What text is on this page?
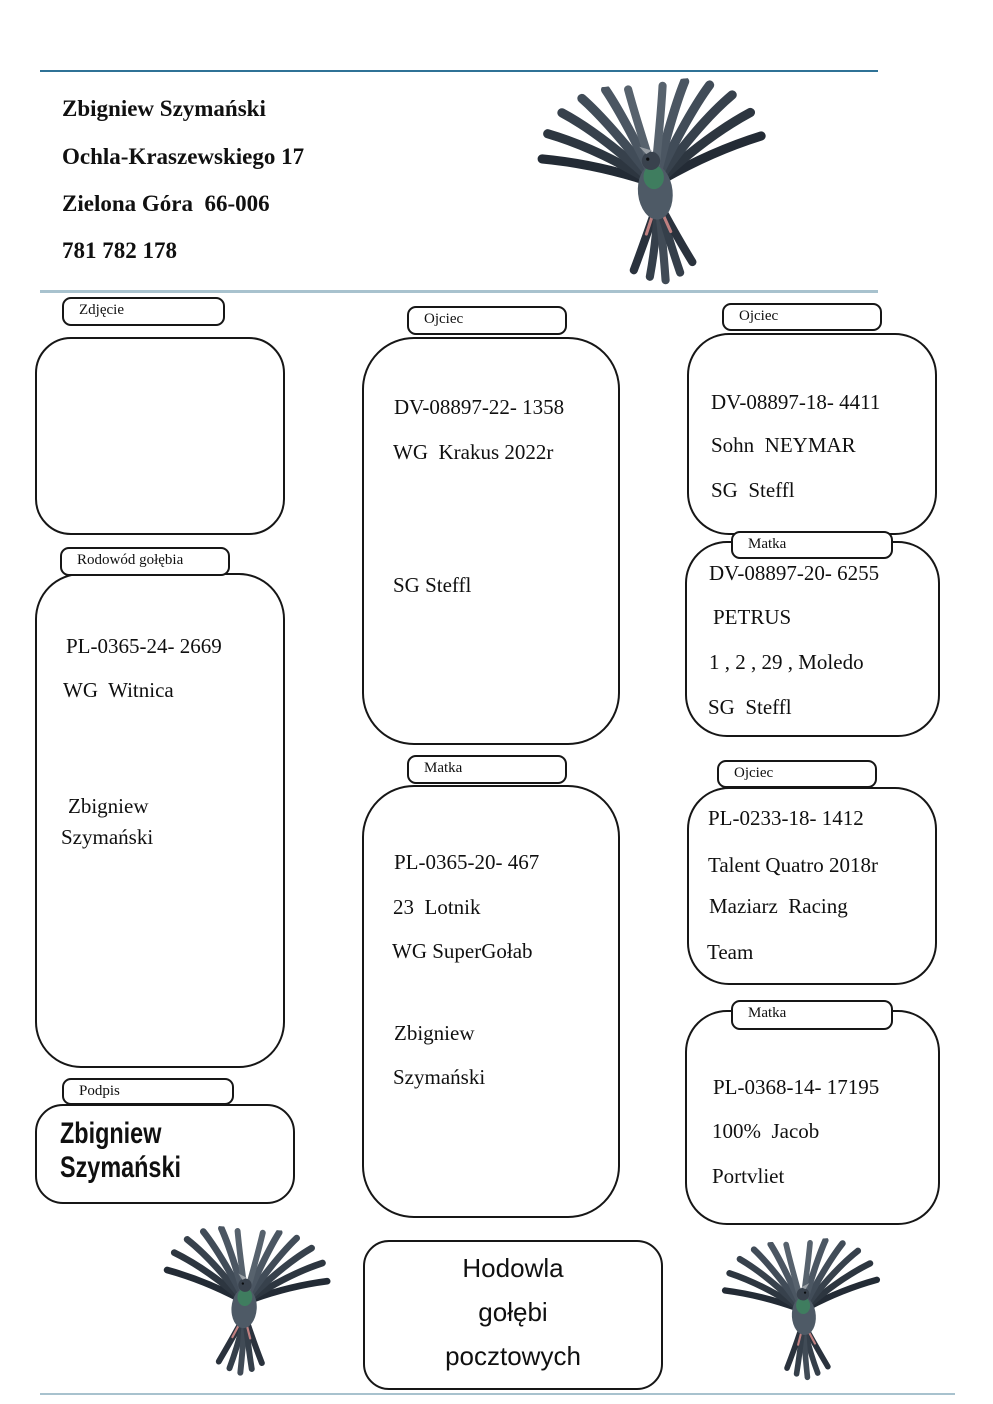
Zbigniew Szymański
Ochla-Kraszewskiego 17
Zielona Góra  66-006
781 782 178
Zdjęcie
Rodowód gołębia
PL-0365-24- 2669
WG  Witnica
Zbigniew
Szymański
Podpis
Zbigniew
Szymański
Ojciec
DV-08897-22- 1358
WG  Krakus 2022r
SG Steffl
Matka
PL-0365-20- 467
23  Lotnik
WG SuperGołab
Zbigniew
Szymański
Ojciec
DV-08897-18- 4411
Sohn  NEYMAR
SG  Steffl
Matka
DV-08897-20- 6255
PETRUS
1 , 2 , 29 , Moledo
SG  Steffl
Ojciec
PL-0233-18- 1412
Talent Quatro 2018r
Maziarz  Racing
Team
Matka
PL-0368-14- 17195
100%  Jacob
Portvliet
Hodowla
gołębi
pocztowych
